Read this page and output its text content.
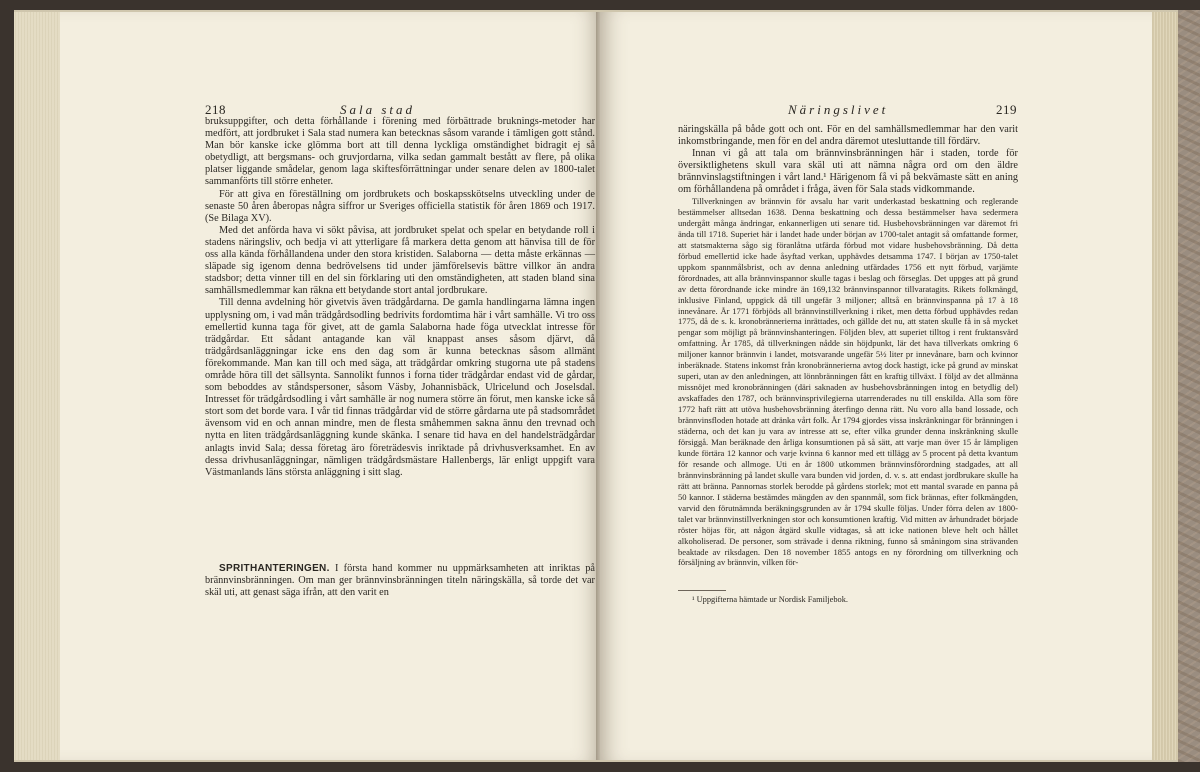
218	Sala stad

bruksuppgifter, och detta förhållande i förening med förbättrade bruknings-metoder har medfört, att jordbruket i Sala stad numera kan betecknas såsom varande i tämligen gott stånd. Man bör kanske icke glömma bort att till denna lyckliga omständighet bidragit ej så obetydligt, att bergsmans- och gruvjordarna, vilka sedan gammalt bestått av flere, på olika platser liggande smådelar, genom laga skiftesförrättningar under senare delen av 1800-talet sammanförts till större enheter.

För att giva en föreställning om jordbrukets och boskapsskötselns utveckling under de senaste 50 åren åberopas några siffror ur Sveriges officiella statistik för åren 1869 och 1917. (Se Bilaga XV).

Med det anförda hava vi sökt påvisa, att jordbruket spelat och spelar en betydande roll i stadens näringsliv, och bedja vi att ytterligare få markera detta genom att hänvisa till de för oss alla kända förhållandena under den stora kristiden. Salaborna — detta måste erkännas — släpade sig igenom denna bedrövelsens tid under jämförelsevis bättre villkor än andra stadsbor; detta vinner till en del sin förklaring uti den omständigheten, att staden bland sina samhällsmedlemmar kan räkna ett betydande stort antal jordbrukare.

Till denna avdelning hör givetvis även trädgårdarna. De gamla handlingarna lämna ingen upplysning om, i vad mån trädgårdsodling bedrivits fordomtima här i vårt samhälle. Vi tro oss emellertid kunna taga för givet, att de gamla Salaborna hade föga utvecklat intresse för trädgårdar. Ett sådant antagande kan väl knappast anses såsom djärvt, då trädgårdsanläggningar icke ens den dag som är kunna betecknas såsom allmänt förekommande. Man kan till och med säga, att trädgårdar omkring stugorna ute på stadens område höra till det sällsynta. Sannolikt funnos i forna tider trädgårdar endast vid de gårdar, som beboddes av ståndspersoner, såsom Väsby, Johannisbäck, Ulricelund och Joselsdal. Intresset för trädgårdsodling i vårt samhälle är nog numera större än förut, men kanske icke så stort som det borde vara. I vår tid finnas trädgårdar vid de större gårdarna ute på stadsområdet ävensom vid en och annan mindre, men de flesta småhemmen sakna ännu den trevnad och nytta en liten trädgårdsanläggning kunde skänka. I senare tid hava en del handelsträdgårdar anlagts invid Sala; dessa företag äro företrädesvis inriktade på drivhusverksamhet. En av dessa drivhusanläggningar, nämligen trädgårdsmästare Hallenbergs, lär enligt uppgift vara Västmanlands läns största anläggning i sitt slag.

SPRITHANTERINGEN. I första hand kommer nu uppmärksamheten att inriktas på brännvinsbränningen. Om man ger brännvinsbränningen titeln näringskälla, så torde det var skäl uti, att genast säga ifrån, att den varit en

Näringslivet	219

näringskälla på både gott och ont. För en del samhällsmedlemmar har den varit inkomstbringande, men för en del andra däremot utesluttande till fördärv.

Innan vi gå att tala om brännvinsbränningen här i staden, torde för översiktlighetens skull vara skäl uti att nämna några ord om den äldre brännvinslagstiftningen i vårt land.¹ Härigenom få vi på bekvämaste sätt en aning om förhållandena på området i fråga, även för Sala stads vidkommande.

Tillverkningen av brännvin för avsalu har varit underkastad beskattning och reglerande bestämmelser alltsedan 1638. Denna beskattning och dessa bestämmelser hava sedermera undergått många ändringar, enkannerligen uti senare tid. Husbehovsbränningen var däremot fri ända till 1718. Superiet här i landet hade under början av 1700-talet antagit så omfattande former, att statsmakterna sågo sig föranlåtna utfärda förbud mot vidare husbehovsbränning. Då detta förbud emellertid icke hade åsyftad verkan, upphävdes detsamma 1747. I början av 1750-talet uppkom spannmålsbrist, och av denna anledning utfärdades 1756 ett nytt förbud, varjämte förordnades, att alla brännvinspannor skulle tagas i beslag och förseglas. Det uppges att på grund av detta förordnande icke mindre än 169,132 brännvinspannor tillvaratagits. Rikets folkmängd, inklusive Finland, uppgick då till ungefär 3 miljoner; alltså en brännvinspanna på 17 à 18 innevånare. År 1771 förbjöds all brännvinstillverkning i riket, men detta förbud upphävdes redan 1775, då de s. k. kronobrännerierna inrättades, och gällde det nu, att staten skulle få in så mycket pengar som möjligt på brännvinshanteringen. Följden blev, att superiet tilltog i rent fruktansvärd omfattning. År 1785, då tillverkningen nådde sin höjdpunkt, lär det hava tillverkats omkring 6 miljoner kannor brännvin i landet, motsvarande ungefär 5½ liter pr innevånare, barn och kvinnor inberäknade. Statens inkomst från kronobrännerierna avtog dock hastigt, icke på grund av minskat superi, utan av den anledningen, att lönnbränningen fått en kraftig tillväxt. I följd av det allmänna missnöjet med kronobränningen (däri saknaden av husbehovsbränningen intog en betydlig del) avskaffades den 1787, och brännvinsprivilegierna utarrenderades nu till enskilda. Alla som före 1772 haft rätt att utöva husbehovsbränning återfingo denna rätt. Nu voro alla band lossade, och brännvinsfloden hotade att dränka vårt folk. År 1794 gjordes vissa inskränkningar för bränningen i städerna, och det kan ju vara av intresse att se, efter vilka grunder denna inskränkning skulle försiggå. Man beräknade den årliga konsumtionen på så sätt, att varje man över 15 år lämpligen kunde förtära 12 kannor och varje kvinna 6 kannor med ett tillägg av 5 procent på detta kvantum för resande och allmoge. Uti en år 1800 utkommen brännvinsförordning stadgades, att all brännvinsbränning på landet skulle vara bunden vid jorden, d. v. s. att endast jordbrukare skulle ha rätt att bränna. Pannornas storlek berodde på gårdens storlek; mot ett mantal svarade en panna på 50 kannor. I städerna bestämdes mängden av den spannmål, som fick brännas, efter folkmängden, varvid den förutnämnda beräkningsgrunden av år 1794 skulle följas. Under förra delen av 1800-talet var brännvinstillverkningen stor och konsumtionen kraftig. Vid mitten av århundradet började röster höjas för, att någon åtgärd skulle vidtagas, så att icke nationen bleve helt och hållet alkoholiserad. De personer, som strävade i denna riktning, funno så småningom sina strävanden beaktade av riksdagen. Den 18 november 1855 antogs en ny förordning om tillverkning och försäljning av brännvin, vilken för-

¹ Uppgifterna hämtade ur Nordisk Familjebok.
